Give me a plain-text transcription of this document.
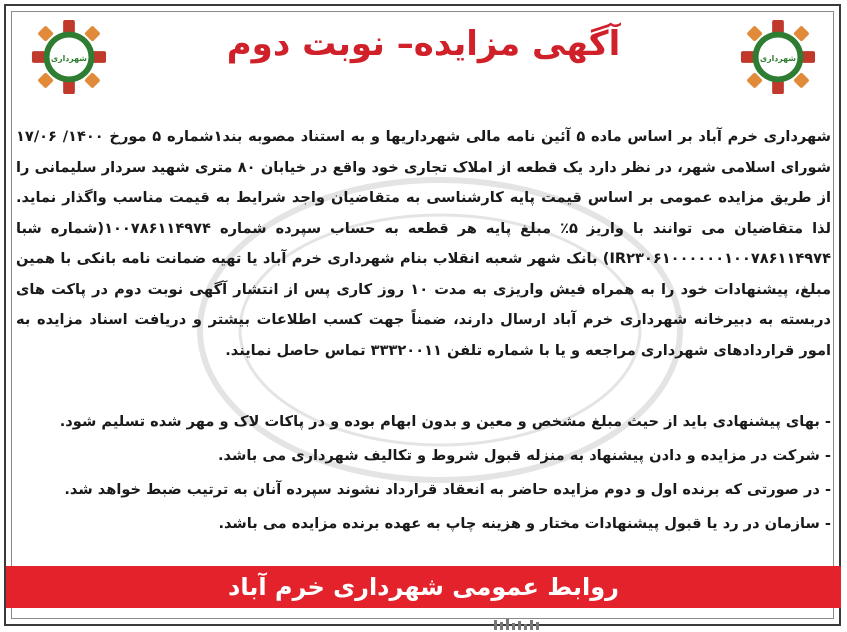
شهرداری	شهرداری
آگهی مزایده– نوبت دوم

شهرداری خرم آباد بر اساس ماده ۵ آئین نامه مالی شهرداریها و به استناد مصوبه بند۱شماره ۵ مورخ ۱۴۰۰/ ۱۷/۰۶ شورای اسلامی شهر، در نظر دارد یک قطعه از املاک تجاری خود واقع در خیابان ۸۰ متری شهید سردار سلیمانی را از طریق مزایده عمومی بر اساس قیمت پایه کارشناسی به متقاضیان واجد شرایط به قیمت مناسب واگذار نماید. لذا متقاضیان می توانند با واریز ۵٪ مبلغ پایه هر قطعه به حساب سپرده شماره ۱۰۰۷۸۶۱۱۴۹۷۴(شماره شبا IR۲۳۰۶۱۰۰۰۰۰۰۱۰۰۷۸۶۱۱۴۹۷۴) بانک شهر شعبه انقلاب بنام شهرداری خرم آباد یا تهیه ضمانت نامه بانکی با همین مبلغ، پیشنهادات خود را به همراه فیش واریزی به مدت ۱۰ روز کاری پس از انتشار آگهی نوبت دوم در پاکت های دربسته به دبیرخانه شهرداری خرم آباد ارسال دارند، ضمناً جهت کسب اطلاعات بیشتر و دریافت اسناد مزایده به امور قراردادهای شهرداری مراجعه و یا با شماره تلفن ۳۳۳۲۰۰۱۱ تماس حاصل نمایند.

- بهای پیشنهادی باید از حیث مبلغ مشخص و معین و بدون ابهام بوده و در پاکات لاک و مهر شده تسلیم شود.
- شرکت در مزایده و دادن پیشنهاد به منزله قبول شروط و تکالیف شهرداری می باشد.
- در صورتی که برنده اول و دوم مزایده حاضر به انعقاد قرارداد نشوند سپرده آنان به ترتیب ضبط خواهد شد.
- سازمان در رد یا قبول پیشنهادات مختار و هزینه چاپ به عهده برنده مزایده می باشد.
روابط عمومی شهرداری خرم آباد
